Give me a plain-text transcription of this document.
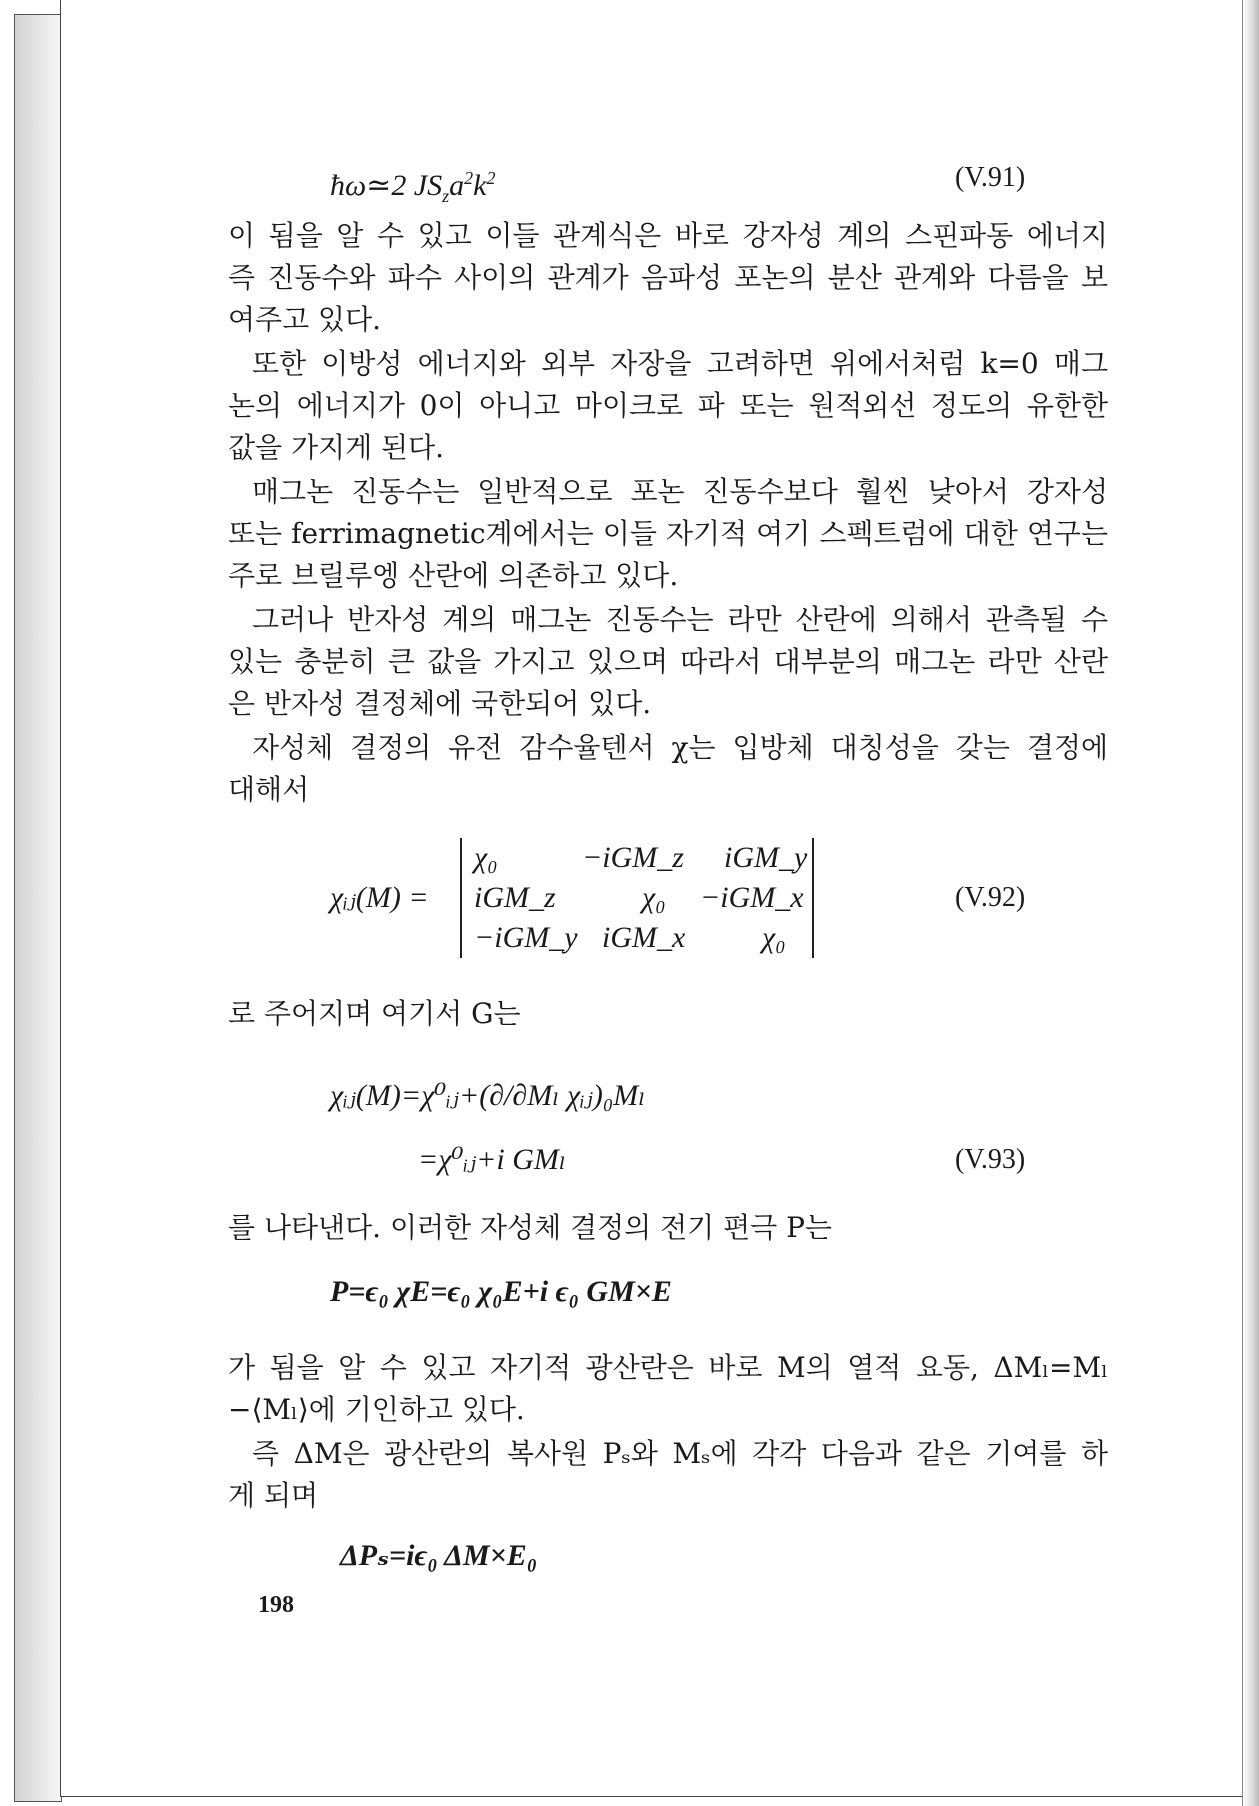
ħω≃2 $JS_za^2k^2$	(V.91)
이 됨을 알 수 있고 이들 관계식은 바로 강자성 계의 스핀파동 에너지
즉 진동수와 파수 사이의 관계가 음파성 포논의 분산 관계와 다름을 보
여주고 있다.
또한 이방성 에너지와 외부 자장을 고려하면 위에서처럼 k=0 매그
논의 에너지가 0이 아니고 마이크로 파 또는 원적외선 정도의 유한한
값을 가지게 된다.
매그논 진동수는 일반적으로 포논 진동수보다 훨씬 낮아서 강자성
또는 ferrimagnetic계에서는 이들 자기적 여기 스펙트럼에 대한 연구는
주로 브릴루엥 산란에 의존하고 있다.
그러나 반자성 계의 매그논 진동수는 라만 산란에 의해서 관측될 수
있는 충분히 큰 값을 가지고 있으며 따라서 대부분의 매그논 라만 산란
은 반자성 결정체에 국한되어 있다.
자성체 결정의 유전 감수율텐서 χ는 입방체 대칭성을 갖는 결정에
대해서
χᵢⱼ(M) =
χ₀	−iGM_z iGM_y
iGM_z	χ₀ −iGM_x
−iGM_y iGM_x	χ₀
(V.92)
로 주어지며 여기서 G는
χᵢⱼ(M)=χ⁰ᵢⱼ+(∂/∂Mₗ χᵢⱼ)₀Mₗ
=χ⁰ᵢⱼ+i GMₗ	(V.93)
를 나타낸다. 이러한 자성체 결정의 전기 편극 P는
P=ϵ₀ χE=ϵ₀ χ₀E+i ϵ₀ GM×E
가 됨을 알 수 있고 자기적 광산란은 바로 M의 열적 요동, ΔMₗ=Mₗ
−⟨Mₗ⟩에 기인하고 있다.
즉 ΔM은 광산란의 복사원 Pₛ와 Mₛ에 각각 다음과 같은 기여를 하
게 되며
ΔPₛ=iϵ₀ ΔM×E₀
198
